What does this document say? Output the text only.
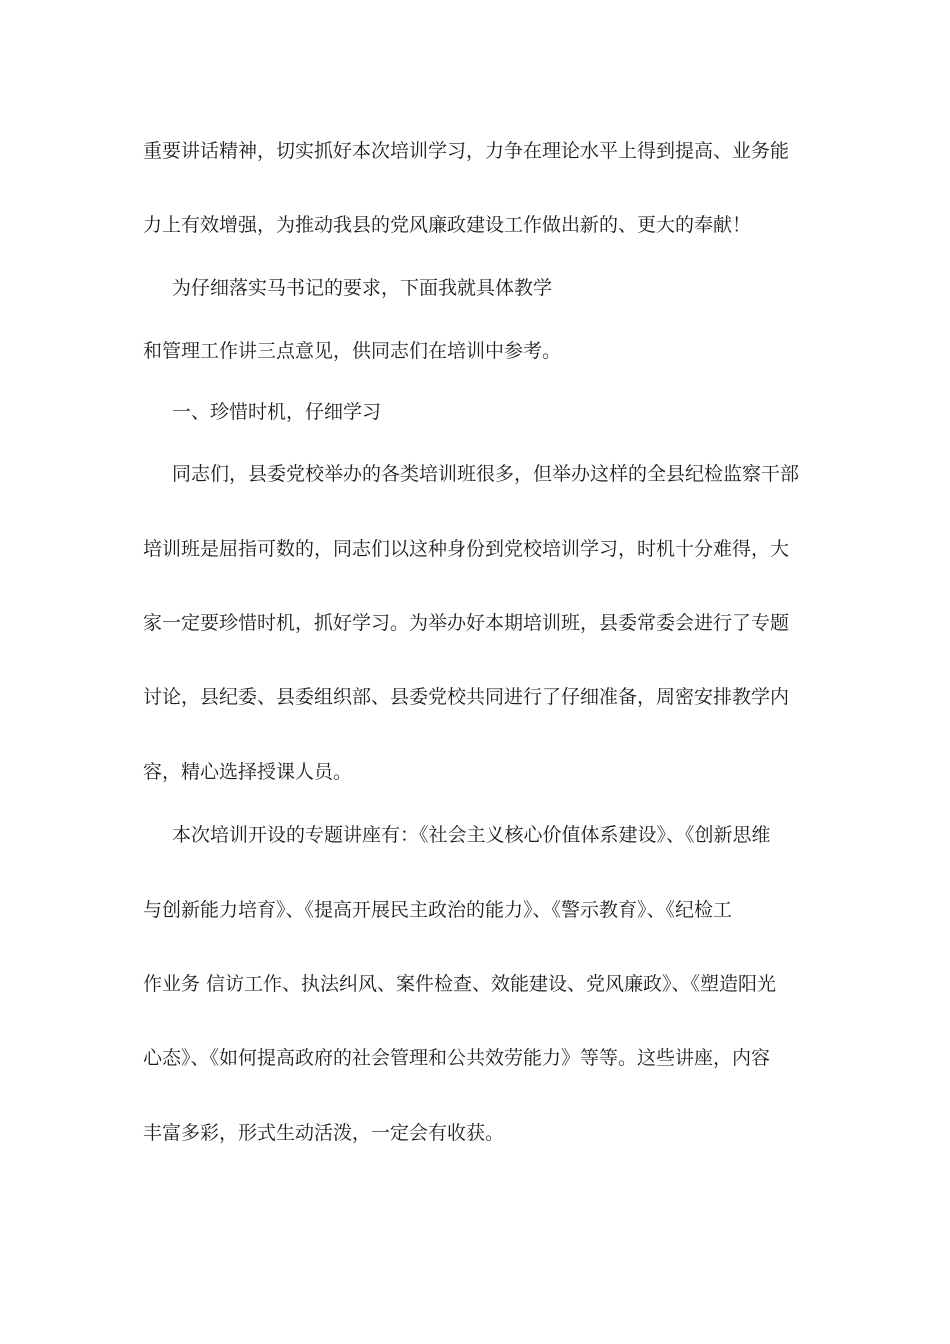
重要讲话精神，切实抓好本次培训学习，力争在理论水平上得到提高、业务能
力上有效增强，为推动我县的党风廉政建设工作做出新的、更大的奉献！
为仔细落实马书记的要求，下面我就具体教学
和管理工作讲三点意见，供同志们在培训中参考。
一、珍惜时机，仔细学习
同志们，县委党校举办的各类培训班很多，但举办这样的全县纪检监察干部
培训班是屈指可数的，同志们以这种身份到党校培训学习，时机十分难得，大
家一定要珍惜时机，抓好学习。为举办好本期培训班，县委常委会进行了专题
讨论，县纪委、县委组织部、县委党校共同进行了仔细准备，周密安排教学内
容，精心选择授课人员。
本次培训开设的专题讲座有：《社会主义核心价值体系建设》、《创新思维
与创新能力培育》、《提高开展民主政治的能力》、《警示教育》、《纪检工
作业务 信访工作、执法纠风、案件检查、效能建设、党风廉政》、《塑造阳光
心态》、《如何提高政府的社会管理和公共效劳能力》等等。这些讲座，内容
丰富多彩，形式生动活泼，一定会有收获。
